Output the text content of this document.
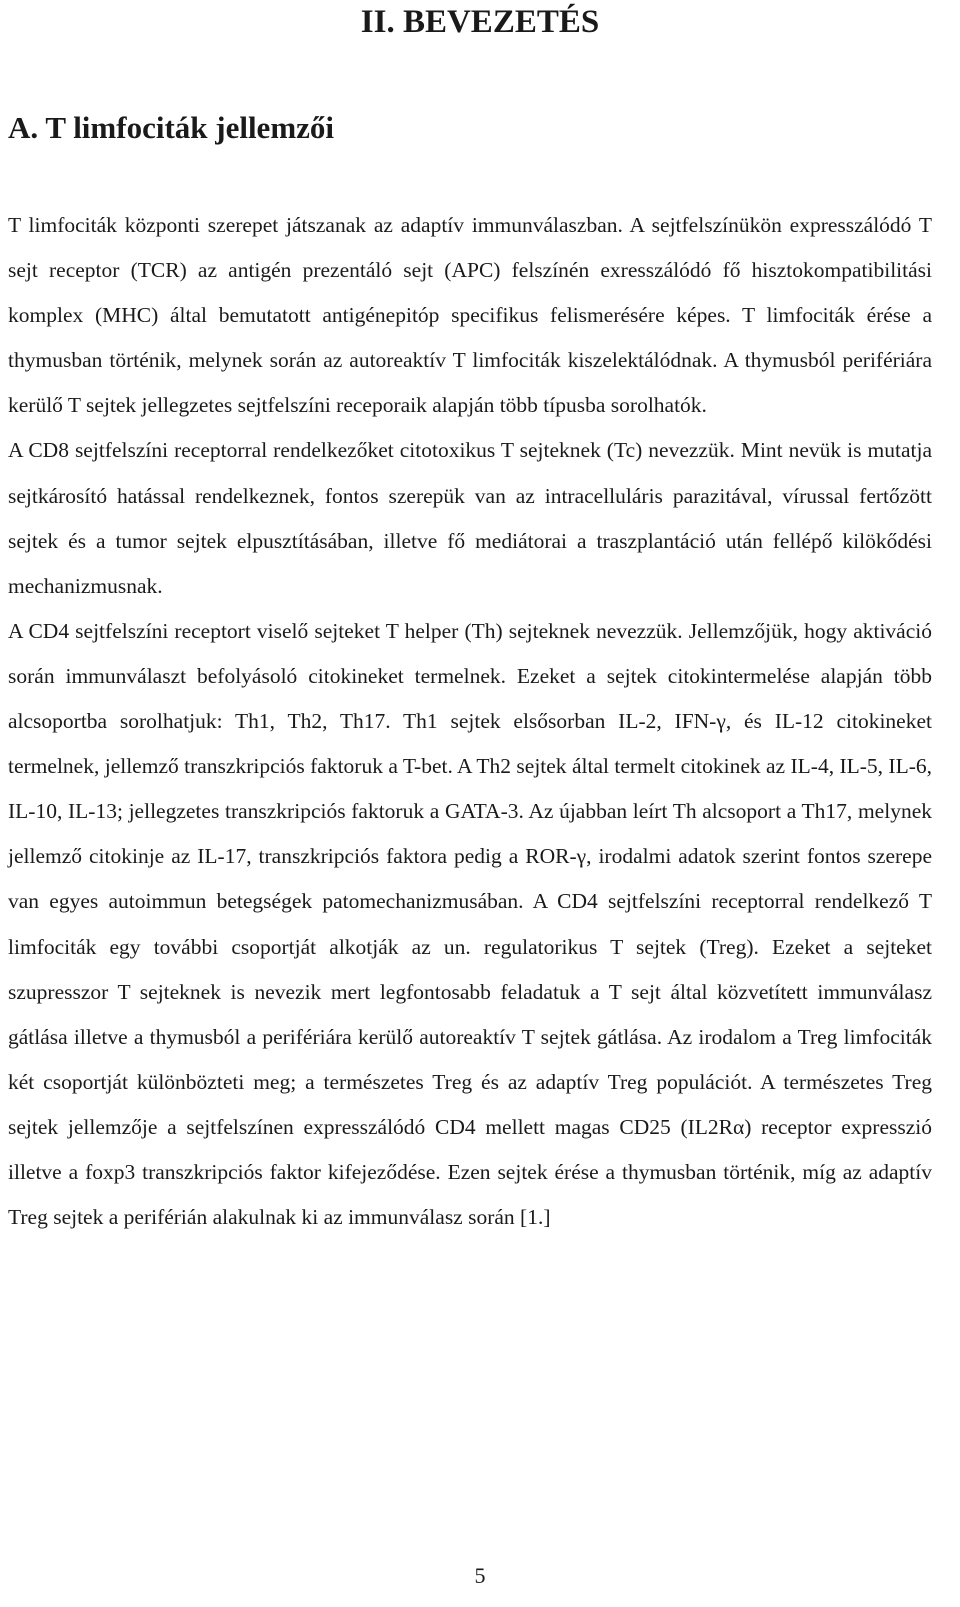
II. BEVEZETÉS
A. T limfociták jellemzői

T limfociták központi szerepet játszanak az adaptív immunválaszban. A sejtfelszínükön expresszálódó T sejt receptor (TCR) az antigén prezentáló sejt (APC) felszínén exresszálódó fő hisztokompatibilitási komplex (MHC) által bemutatott antigénepitóp specifikus felismerésére képes. T limfociták érése a thymusban történik, melynek során az autoreaktív T limfociták kiszelektálódnak. A thymusból perifériára kerülő T sejtek jellegzetes sejtfelszíni receporaik alapján több típusba sorolhatók.

A CD8 sejtfelszíni receptorral rendelkezőket citotoxikus T sejteknek (Tc) nevezzük. Mint nevük is mutatja sejtkárosító hatással rendelkeznek, fontos szerepük van az intracelluláris parazitával, vírussal fertőzött sejtek és a tumor sejtek elpusztításában, illetve fő mediátorai a traszplantáció után fellépő kilökődési mechanizmusnak.

A CD4 sejtfelszíni receptort viselő sejteket T helper (Th) sejteknek nevezzük. Jellemzőjük, hogy aktiváció során immunválaszt befolyásoló citokineket termelnek. Ezeket a sejtek citokintermelése alapján több alcsoportba sorolhatjuk: Th1, Th2, Th17. Th1 sejtek elsősorban IL-2, IFN-γ, és IL-12 citokineket termelnek, jellemző transzkripciós faktoruk a T-bet. A Th2 sejtek által termelt citokinek az IL-4, IL-5, IL-6, IL-10, IL-13; jellegzetes transzkripciós faktoruk a GATA-3. Az újabban leírt Th alcsoport a Th17, melynek jellemző citokinje az IL-17, transzkripciós faktora pedig a ROR-γ, irodalmi adatok szerint fontos szerepe van egyes autoimmun betegségek patomechanizmusában. A CD4 sejtfelszíni receptorral rendelkező T limfociták egy további csoportját alkotják az un. regulatorikus T sejtek (Treg). Ezeket a sejteket szupresszor T sejteknek is nevezik mert legfontosabb feladatuk a T sejt által közvetített immunválasz gátlása illetve a thymusból a perifériára kerülő autoreaktív T sejtek gátlása. Az irodalom a Treg limfociták két csoportját különbözteti meg; a természetes Treg és az adaptív Treg populációt. A természetes Treg sejtek jellemzője a sejtfelszínen expresszálódó CD4 mellett magas CD25 (IL2Rα) receptor expresszió illetve a foxp3 transzkripciós faktor kifejeződése. Ezen sejtek érése a thymusban történik, míg az adaptív Treg sejtek a periférián alakulnak ki az immunválasz során [1.]

5
